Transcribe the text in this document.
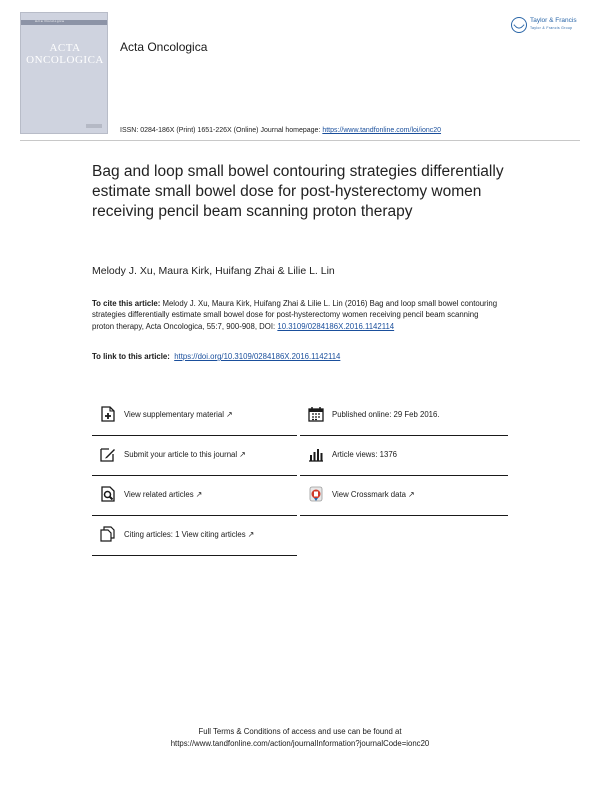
Acta Oncologica
ACTA
ONCOLOGICA
Acta Oncologica
Taylor & Francis
Taylor & Francis Group
ISSN: 0284-186X (Print) 1651-226X (Online) Journal homepage: https://www.tandfonline.com/loi/ionc20
Bag and loop small bowel contouring strategies differentially estimate small bowel dose for post-hysterectomy women receiving pencil beam scanning proton therapy
Melody J. Xu, Maura Kirk, Huifang Zhai & Lilie L. Lin
To cite this article: Melody J. Xu, Maura Kirk, Huifang Zhai & Lilie L. Lin (2016) Bag and loop small bowel contouring strategies differentially estimate small bowel dose for post-hysterectomy women receiving pencil beam scanning proton therapy, Acta Oncologica, 55:7, 900-908, DOI: 10.3109/0284186X.2016.1142114
To link to this article: https://doi.org/10.3109/0284186X.2016.1142114
View supplementary material ↗	Published online: 29 Feb 2016.
Submit your article to this journal ↗	Article views: 1376
View related articles ↗	View Crossmark data ↗
Citing articles: 1 View citing articles ↗
Full Terms & Conditions of access and use can be found at
https://www.tandfonline.com/action/journalInformation?journalCode=ionc20
